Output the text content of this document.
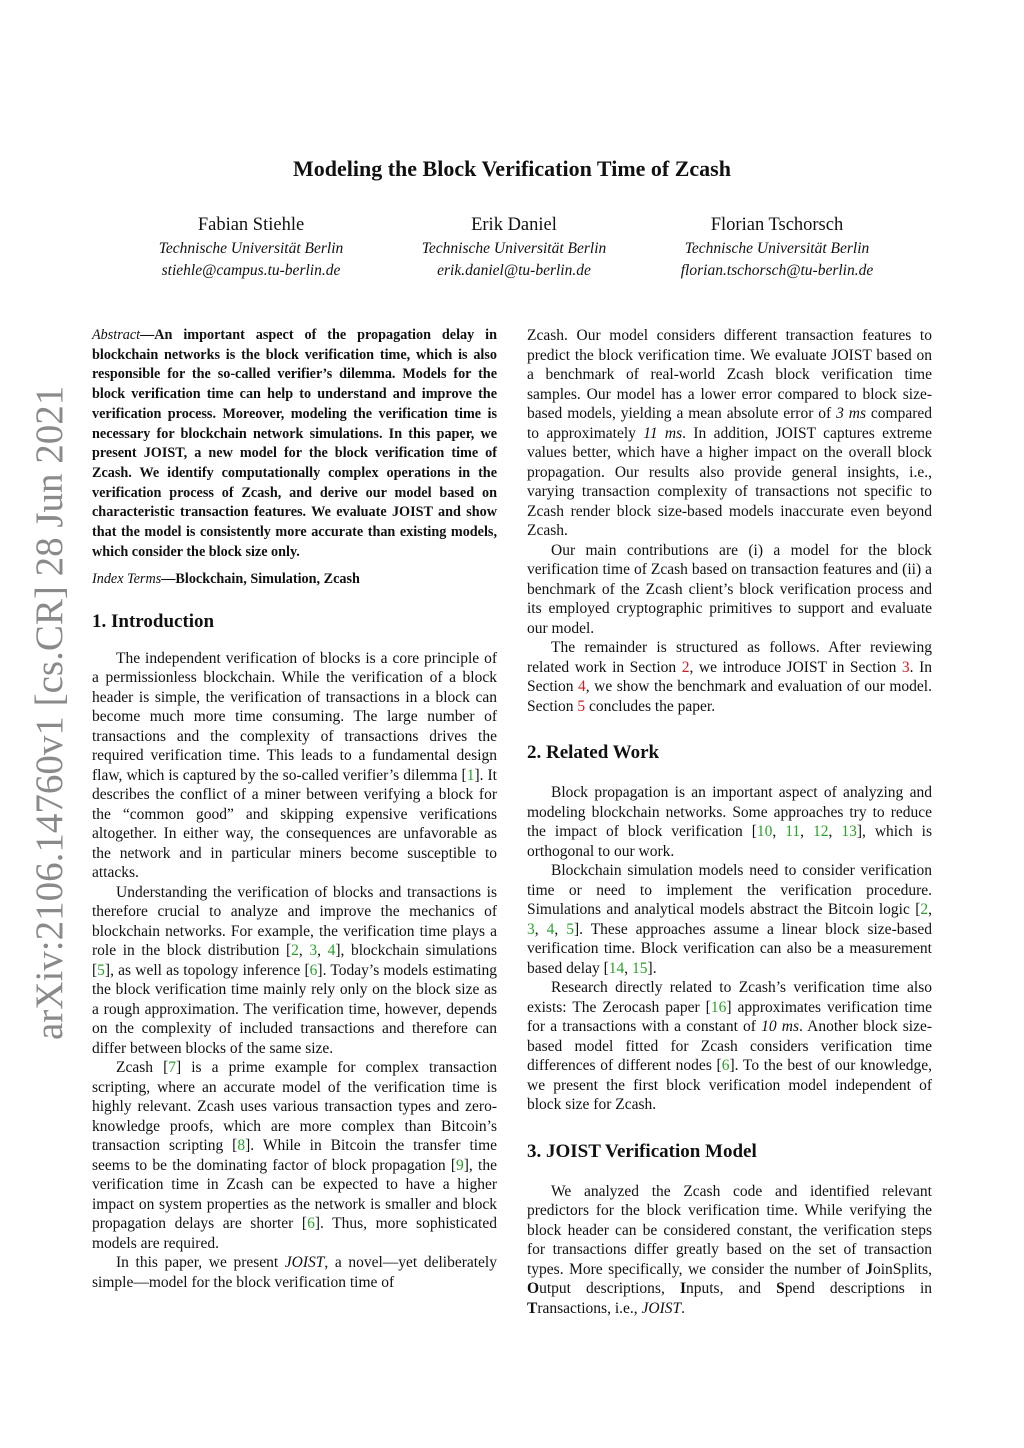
arXiv:2106.14760v1 [cs.CR] 28 Jun 2021
Modeling the Block Verification Time of Zcash
Fabian Stiehle
Technische Universität Berlin
stiehle@campus.tu-berlin.de
Erik Daniel
Technische Universität Berlin
erik.daniel@tu-berlin.de
Florian Tschorsch
Technische Universität Berlin
florian.tschorsch@tu-berlin.de

Abstract—An important aspect of the propagation delay in blockchain networks is the block verification time, which is also responsible for the so-called verifier’s dilemma. Models for the block verification time can help to understand and improve the verification process. Moreover, modeling the verification time is necessary for blockchain network simulations. In this paper, we present JOIST, a new model for the block verification time of Zcash. We identify computationally complex operations in the verification process of Zcash, and derive our model based on characteristic transaction features. We evaluate JOIST and show that the model is consistently more accurate than existing models, which consider the block size only.

Index Terms—Blockchain, Simulation, Zcash

1. Introduction

The independent verification of blocks is a core principle of a permissionless blockchain. While the verification of a block header is simple, the verification of transactions in a block can become much more time consuming. The large number of transactions and the complexity of transactions drives the required verification time. This leads to a fundamental design flaw, which is captured by the so-called verifier’s dilemma [1]. It describes the conflict of a miner between verifying a block for the “common good” and skipping expensive verifications altogether. In either way, the consequences are unfavorable as the network and in particular miners become susceptible to attacks.

Understanding the verification of blocks and transactions is therefore crucial to analyze and improve the mechanics of blockchain networks. For example, the verification time plays a role in the block distribution [2, 3, 4], blockchain simulations [5], as well as topology inference [6]. Today’s models estimating the block verification time mainly rely only on the block size as a rough approximation. The verification time, however, depends on the complexity of included transactions and therefore can differ between blocks of the same size.

Zcash [7] is a prime example for complex transaction scripting, where an accurate model of the verification time is highly relevant. Zcash uses various transaction types and zero-knowledge proofs, which are more complex than Bitcoin’s transaction scripting [8]. While in Bitcoin the transfer time seems to be the dominating factor of block propagation [9], the verification time in Zcash can be expected to have a higher impact on system properties as the network is smaller and block propagation delays are shorter [6]. Thus, more sophisticated models are required.

In this paper, we present JOIST, a novel—yet deliberately simple—model for the block verification time of

Zcash. Our model considers different transaction features to predict the block verification time. We evaluate JOIST based on a benchmark of real-world Zcash block verification time samples. Our model has a lower error compared to block size-based models, yielding a mean absolute error of 3 ms compared to approximately 11 ms. In addition, JOIST captures extreme values better, which have a higher impact on the overall block propagation. Our results also provide general insights, i.e., varying transaction complexity of transactions not specific to Zcash render block size-based models inaccurate even beyond Zcash.

Our main contributions are (i) a model for the block verification time of Zcash based on transaction features and (ii) a benchmark of the Zcash client’s block verification process and its employed cryptographic primitives to support and evaluate our model.

The remainder is structured as follows. After reviewing related work in Section 2, we introduce JOIST in Section 3. In Section 4, we show the benchmark and evaluation of our model. Section 5 concludes the paper.

2. Related Work

Block propagation is an important aspect of analyzing and modeling blockchain networks. Some approaches try to reduce the impact of block verification [10, 11, 12, 13], which is orthogonal to our work.

Blockchain simulation models need to consider verification time or need to implement the verification procedure. Simulations and analytical models abstract the Bitcoin logic [2, 3, 4, 5]. These approaches assume a linear block size-based verification time. Block verification can also be a measurement based delay [14, 15].

Research directly related to Zcash’s verification time also exists: The Zerocash paper [16] approximates verification time for a transactions with a constant of 10 ms. Another block size-based model fitted for Zcash considers verification time differences of different nodes [6]. To the best of our knowledge, we present the first block verification model independent of block size for Zcash.

3. JOIST Verification Model

We analyzed the Zcash code and identified relevant predictors for the block verification time. While verifying the block header can be considered constant, the verification steps for transactions differ greatly based on the set of transaction types. More specifically, we consider the number of JoinSplits, Output descriptions, Inputs, and Spend descriptions in Transactions, i.e., JOIST.
